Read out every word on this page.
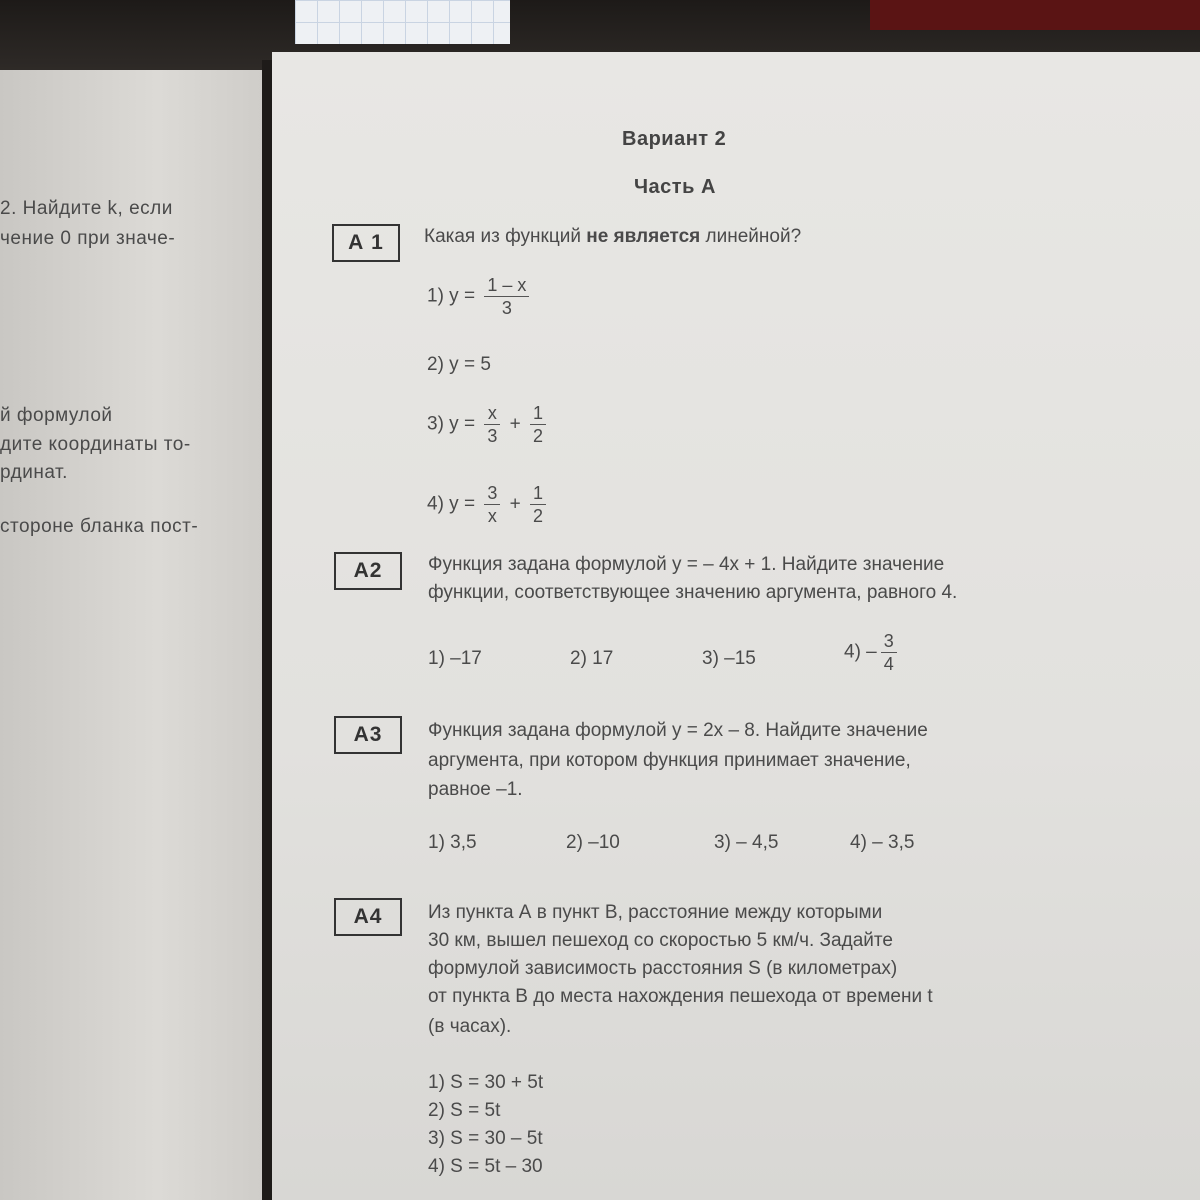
2. Найдите k, если
чение 0 при значе-
й формулой
дите координаты то-
рдинат.
стороне бланка пост-
Вариант 2
Часть А
А 1	Какая из функций не является линейной?
1) $y = \frac{1 - x}{3}$
2) y = 5
3) $y = \frac{x}{3} + \frac{1}{2}$
4) $y = \frac{3}{x} + \frac{1}{2}$
А2	Функция задана формулой y = – 4x + 1. Найдите значение
функции, соответствующее значению аргумента, равного 4.
1) –17	2) 17	3) –15	$4) - \frac{3}{4}$
А3	Функция задана формулой y = 2x – 8. Найдите значение
аргумента, при котором функция принимает значение,
равное –1.
1) 3,5	2) –10	3) – 4,5	4) – 3,5
А4	Из пункта А в пункт В, расстояние между которыми
30 км, вышел пешеход со скоростью 5 км/ч. Задайте
формулой зависимость расстояния S (в километрах)
от пункта В до места нахождения пешехода от времени t
(в часах).
1) S = 30 + 5t
2) S = 5t
3) S = 30 – 5t
4) S = 5t – 30
